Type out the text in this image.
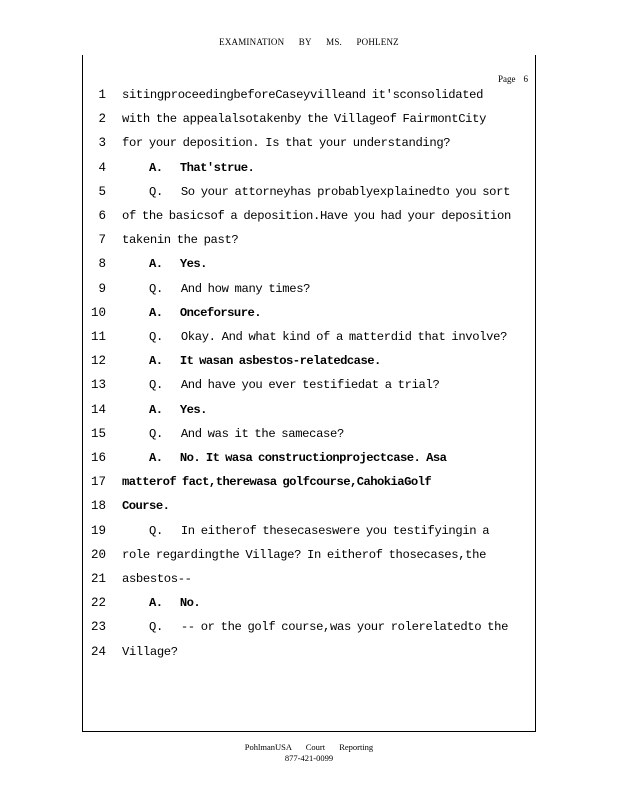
EXAMINATION BY MS. POHLENZ
Page 6
1 sitingproceedingbeforeCaseyvilleand it'sconsolidated
2 with the appealalsotakenby the Villageof FairmontCity
3 for your deposition. Is that your understanding?
4	A.   That'strue.
5	Q.   So your attorneyhas probablyexplainedto you sort
6 of the basicsof a deposition.Have you had your deposition
7 takenin the past?
8	A.   Yes.
9	Q.   And how many times?
10	A.   Onceforsure.
11	Q.   Okay. And what kind of a matterdid that involve?
12	A.   It wasan asbestos-relatedcase.
13	Q.   And have you ever testifiedat a trial?
14	A.   Yes.
15	Q.   And was it the samecase?
16	A.   No. It wasa constructionprojectcase. Asa
17 matterof fact,therewasa golfcourse,CahokiaGolf
18 Course.
19	Q.   In eitherof thesecaseswere you testifyingin a
20 role regardingthe Village? In eitherof thosecases,the
21 asbestos--
22	A.   No.
23	Q.   -- or the golf course,was your rolerelatedto the
24 Village?
PohlmanUSA Court Reporting
877-421-0099
